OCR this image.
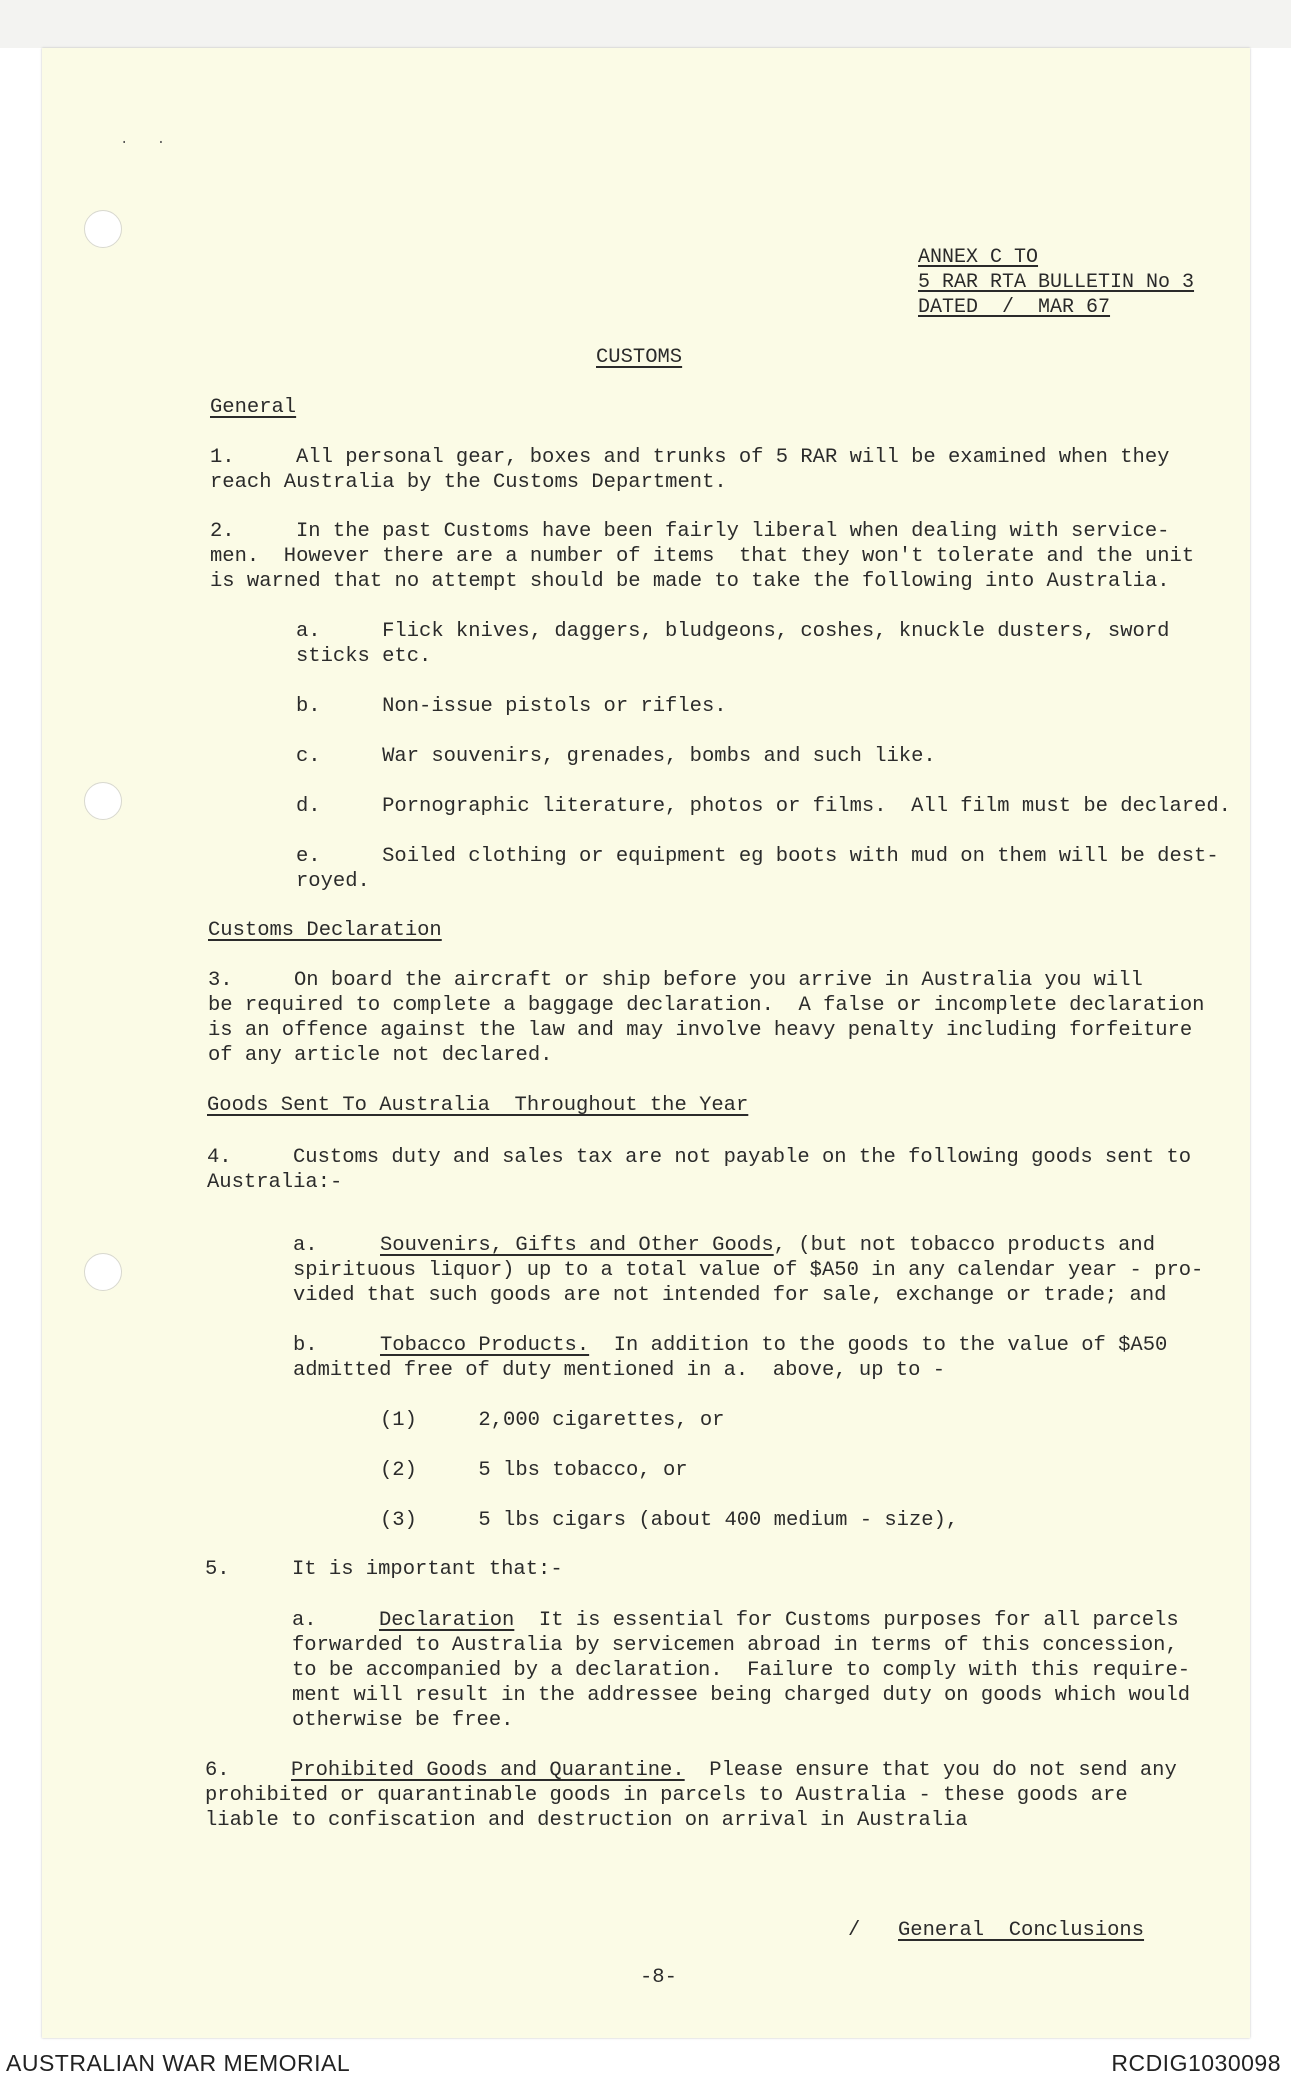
· ·
ANNEX C TO
5 RAR RTA BULLETIN No 3
DATED  /  MAR 67
CUSTOMS
General
1.	All personal gear, boxes and trunks of 5 RAR will be examined when they
reach Australia by the Customs Department.
2.	In the past Customs have been fairly liberal when dealing with service-
men.  However there are a number of items  that they won't tolerate and the unit
is warned that no attempt should be made to take the following into Australia.
a.     Flick knives, daggers, bludgeons, coshes, knuckle dusters, sword
sticks etc.
b.     Non-issue pistols or rifles.
c.     War souvenirs, grenades, bombs and such like.
d.     Pornographic literature, photos or films.  All film must be declared.
e.     Soiled clothing or equipment eg boots with mud on them will be dest-
royed.
Customs Declaration
3.	On board the aircraft or ship before you arrive in Australia you will
be required to complete a baggage declaration.  A false or incomplete declaration
is an offence against the law and may involve heavy penalty including forfeiture
of any article not declared.
Goods Sent To Australia  Throughout the Year
4.	Customs duty and sales tax are not payable on the following goods sent to
Australia:-
a.	Souvenirs, Gifts and Other Goods, (but not tobacco products and
spirituous liquor) up to a total value of $A50 in any calendar year - pro-
vided that such goods are not intended for sale, exchange or trade; and
b.	Tobacco Products.  In addition to the goods to the value of $A50
admitted free of duty mentioned in a.  above, up to -
(1)     2,000 cigarettes, or
(2)     5 lbs tobacco, or
(3)     5 lbs cigars (about 400 medium - size),
5.	It is important that:-
a.	Declaration  It is essential for Customs purposes for all parcels
forwarded to Australia by servicemen abroad in terms of this concession,
to be accompanied by a declaration.  Failure to comply with this require-
ment will result in the addressee being charged duty on goods which would
otherwise be free.
6.	Prohibited Goods and Quarantine.  Please ensure that you do not send any
prohibited or quarantinable goods in parcels to Australia - these goods are
liable to confiscation and destruction on arrival in Australia
/ General  Conclusions
-8-
AUSTRALIAN WAR MEMORIAL	RCDIG1030098
